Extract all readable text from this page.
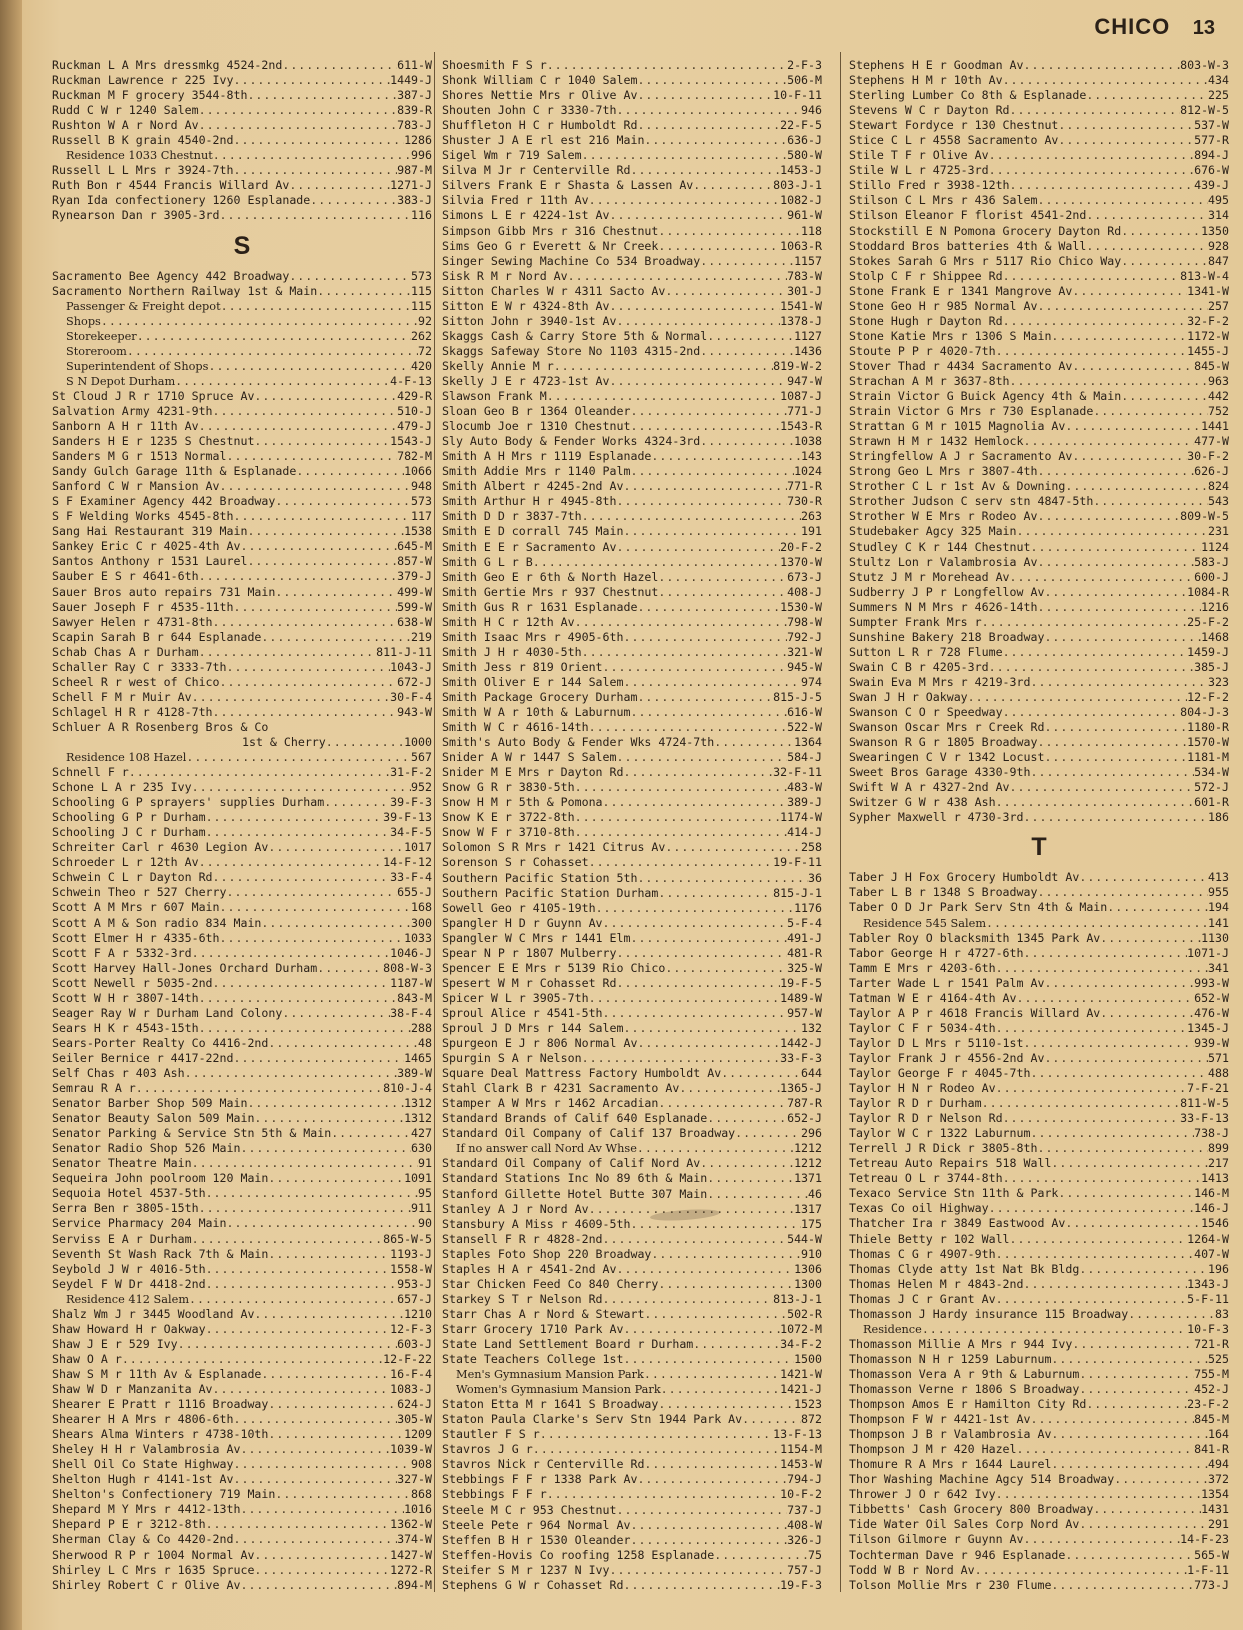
CHICO 13
Ruckman L A Mrs dressmkg 4524-2nd .....	611-W
Ruckman Lawrence r 225 Ivy .....	1449-J
Ruckman M F grocery 3544-8th .....	387-J
Rudd C W r 1240 Salem .....	839-R
Rushton W A r Nord Av .....	783-J
Russell B K grain 4540-2nd .....	1286
Residence 1033 Chestnut .....	996
Russell L L Mrs r 3924-7th .....	987-M
Ruth Bon r 4544 Francis Willard Av .....	1271-J
Ryan Ida confectionery 1260 Esplanade .....	383-J
Rynearson Dan r 3905-3rd .....	116
S
Sacramento Bee Agency 442 Broadway .....	573
Sacramento Northern Railway 1st & Main .....	115
Passenger & Freight depot .....	115
Shops .....	92
Storekeeper .....	262
Storeroom .....	72
Superintendent of Shops .....	420
S N Depot Durham .....	4-F-13
St Cloud J R r 1710 Spruce Av .....	429-R
Salvation Army 4231-9th .....	510-J
Sanborn A H r 11th Av .....	479-J
Sanders H E r 1235 S Chestnut .....	1543-J
Sanders M G r 1513 Normal .....	782-M
Sandy Gulch Garage 11th & Esplanade .....	1066
Sanford C W r Mansion Av .....	948
S F Examiner Agency 442 Broadway .....	573
S F Welding Works 4545-8th .....	117
Sang Hai Restaurant 319 Main .....	1538
Sankey Eric C r 4025-4th Av .....	645-M
Santos Anthony r 1531 Laurel .....	857-W
Sauber E S r 4641-6th .....	379-J
Sauer Bros auto repairs 731 Main .....	499-W
Sauer Joseph F r 4535-11th .....	599-W
Sawyer Helen r 4731-8th .....	638-W
Scapin Sarah B r 644 Esplanade .....	219
Schab Chas A r Durham .....	811-J-11
Schaller Ray C r 3333-7th .....	1043-J
Scheel R r west of Chico .....	672-J
Schell F M r Muir Av .....	30-F-4
Schlagel H R r 4128-7th .....	943-W
Schluer A R Rosenberg Bros & Co
1st & Cherry .....	1000
Residence 108 Hazel .....	567
Schnell F r .....	31-F-2
Schone L A r 235 Ivy .....	952
Schooling G P sprayers' supplies Durham .....	39-F-3
Schooling G P r Durham .....	39-F-13
Schooling J C r Durham .....	34-F-5
Schreiter Carl r 4630 Legion Av .....	1017
Schroeder L r 12th Av .....	14-F-12
Schwein C L r Dayton Rd .....	33-F-4
Schwein Theo r 527 Cherry .....	655-J
Scott A M Mrs r 607 Main .....	168
Scott A M & Son radio 834 Main .....	300
Scott Elmer H r 4335-6th .....	1033
Scott F A r 5332-3rd .....	1046-J
Scott Harvey Hall-Jones Orchard Durham .....	808-W-3
Scott Newell r 5035-2nd .....	1187-W
Scott W H r 3807-14th .....	843-M
Seager Ray W r Durham Land Colony .....	38-F-4
Sears H K r 4543-15th .....	288
Sears-Porter Realty Co 4416-2nd .....	48
Seiler Bernice r 4417-22nd .....	1465
Self Chas r 403 Ash .....	389-W
Semrau R A r .....	810-J-4
Senator Barber Shop 509 Main .....	1312
Senator Beauty Salon 509 Main .....	1312
Senator Parking & Service Stn 5th & Main .....	427
Senator Radio Shop 526 Main .....	630
Senator Theatre Main .....	91
Sequeira John poolroom 120 Main .....	1091
Sequoia Hotel 4537-5th .....	95
Serra Ben r 3805-15th .....	911
Service Pharmacy 204 Main .....	90
Serviss E A r Durham .....	865-W-5
Seventh St Wash Rack 7th & Main .....	1193-J
Seybold J W r 4016-5th .....	1558-W
Seydel F W Dr 4418-2nd .....	953-J
Residence 412 Salem .....	657-J
Shalz Wm J r 3445 Woodland Av .....	1210
Shaw Howard H r Oakway .....	12-F-3
Shaw J E r 529 Ivy .....	603-J
Shaw O A r .....	12-F-22
Shaw S M r 11th Av & Esplanade .....	16-F-4
Shaw W D r Manzanita Av .....	1083-J
Shearer E Pratt r 1116 Broadway .....	624-J
Shearer H A Mrs r 4806-6th .....	305-W
Shears Alma Winters r 4738-10th .....	1209
Sheley H H r Valambrosia Av .....	1039-W
Shell Oil Co State Highway .....	908
Shelton Hugh r 4141-1st Av .....	327-W
Shelton's Confectionery 719 Main .....	868
Shepard M Y Mrs r 4412-13th .....	1016
Shepard P E r 3212-8th .....	1362-W
Sherman Clay & Co 4420-2nd .....	374-W
Sherwood R P r 1004 Normal Av .....	1427-W
Shirley L C Mrs r 1635 Spruce .....	1272-R
Shirley Robert C r Olive Av .....	894-M
Shoesmith F S r .....	2-F-3
Shonk William C r 1040 Salem .....	506-M
Shores Nettie Mrs r Olive Av .....	10-F-11
Shouten John C r 3330-7th .....	946
Shuffleton H C r Humboldt Rd .....	22-F-5
Shuster J A E rl est 216 Main .....	636-J
Sigel Wm r 719 Salem .....	580-W
Silva M Jr r Centerville Rd .....	1453-J
Silvers Frank E r Shasta & Lassen Av .....	803-J-1
Silvia Fred r 11th Av .....	1082-J
Simons L E r 4224-1st Av .....	961-W
Simpson Gibb Mrs r 316 Chestnut .....	118
Sims Geo G r Everett & Nr Creek .....	1063-R
Singer Sewing Machine Co 534 Broadway .....	1157
Sisk R M r Nord Av .....	783-W
Sitton Charles W r 4311 Sacto Av .....	301-J
Sitton E W r 4324-8th Av .....	1541-W
Sitton John r 3940-1st Av .....	1378-J
Skaggs Cash & Carry Store 5th & Normal .....	1127
Skaggs Safeway Store No 1103 4315-2nd .....	1436
Skelly Annie M r .....	819-W-2
Skelly J E r 4723-1st Av .....	947-W
Slawson Frank M .....	1087-J
Sloan Geo B r 1364 Oleander .....	771-J
Slocumb Joe r 1310 Chestnut .....	1543-R
Sly Auto Body & Fender Works 4324-3rd .....	1038
Smith A H Mrs r 1119 Esplanade .....	143
Smith Addie Mrs r 1140 Palm .....	1024
Smith Albert r 4245-2nd Av .....	771-R
Smith Arthur H r 4945-8th .....	730-R
Smith D D r 3837-7th .....	263
Smith E D corrall 745 Main .....	191
Smith E E r Sacramento Av .....	20-F-2
Smith G L r B .....	1370-W
Smith Geo E r 6th & North Hazel .....	673-J
Smith Gertie Mrs r 937 Chestnut .....	408-J
Smith Gus R r 1631 Esplanade .....	1530-W
Smith H C r 12th Av .....	798-W
Smith Isaac Mrs r 4905-6th .....	792-J
Smith J H r 4030-5th .....	321-W
Smith Jess r 819 Orient .....	945-W
Smith Oliver E r 144 Salem .....	974
Smith Package Grocery Durham .....	815-J-5
Smith W A r 10th & Laburnum .....	616-W
Smith W C r 4616-14th .....	522-W
Smith's Auto Body & Fender Wks 4724-7th .....	1364
Snider A W r 1447 S Salem .....	584-J
Snider M E Mrs r Dayton Rd .....	32-F-11
Snow G R r 3830-5th .....	483-W
Snow H M r 5th & Pomona .....	389-J
Snow K E r 3722-8th .....	1174-W
Snow W F r 3710-8th .....	414-J
Solomon S R Mrs r 1421 Citrus Av .....	258
Sorenson S r Cohasset .....	19-F-11
Southern Pacific Station 5th .....	36
Southern Pacific Station Durham .....	815-J-1
Sowell Geo r 4105-19th .....	1176
Spangler H D r Guynn Av .....	5-F-4
Spangler W C Mrs r 1441 Elm .....	491-J
Spear N P r 1807 Mulberry .....	481-R
Spencer E E Mrs r 5139 Rio Chico .....	325-W
Spesert W M r Cohasset Rd .....	19-F-5
Spicer W L r 3905-7th .....	1489-W
Sproul Alice r 4541-5th .....	957-W
Sproul J D Mrs r 144 Salem .....	132
Spurgeon E J r 806 Normal Av .....	1442-J
Spurgin S A r Nelson .....	33-F-3
Square Deal Mattress Factory Humboldt Av .....	644
Stahl Clark B r 4231 Sacramento Av .....	1365-J
Stamper A W Mrs r 1462 Arcadian .....	787-R
Standard Brands of Calif 640 Esplanade .....	652-J
Standard Oil Company of Calif 137 Broadway .....	296
If no answer call Nord Av Whse .....	1212
Standard Oil Company of Calif Nord Av .....	1212
Standard Stations Inc No 89 6th & Main .....	1371
Stanford Gillette Hotel Butte 307 Main .....	46
Stanley A J r Nord Av .....	1317
Stansbury A Miss r 4609-5th .....	175
Stansell F R r 4828-2nd .....	544-W
Staples Foto Shop 220 Broadway .....	910
Staples H A r 4541-2nd Av .....	1306
Star Chicken Feed Co 840 Cherry .....	1300
Starkey S T r Nelson Rd .....	813-J-1
Starr Chas A r Nord & Stewart .....	502-R
Starr Grocery 1710 Park Av .....	1072-M
State Land Settlement Board r Durham .....	34-F-2
State Teachers College 1st .....	1500
Men's Gymnasium Mansion Park .....	1421-W
Women's Gymnasium Mansion Park .....	1421-J
Staton Etta M r 1641 S Broadway .....	1523
Staton Paula Clarke's Serv Stn 1944 Park Av .....	872
Stautler F S r .....	13-F-13
Stavros J G r .....	1154-M
Stavros Nick r Centerville Rd .....	1453-W
Stebbings F F r 1338 Park Av .....	794-J
Stebbings F F r .....	10-F-2
Steele M C r 953 Chestnut .....	737-J
Steele Pete r 964 Normal Av .....	408-W
Steffen B H r 1530 Oleander .....	326-J
Steffen-Hovis Co roofing 1258 Esplanade .....	75
Steifer S M r 1237 N Ivy .....	757-J
Stephens G W r Cohasset Rd .....	19-F-3
Stephens H E r Goodman Av .....	803-W-3
Stephens H M r 10th Av .....	434
Sterling Lumber Co 8th & Esplanade .....	225
Stevens W C r Dayton Rd .....	812-W-5
Stewart Fordyce r 130 Chestnut .....	537-W
Stice C L r 4558 Sacramento Av .....	577-R
Stile T F r Olive Av .....	894-J
Stile W L r 4725-3rd .....	676-W
Stillo Fred r 3938-12th .....	439-J
Stilson C L Mrs r 436 Salem .....	495
Stilson Eleanor F florist 4541-2nd .....	314
Stockstill E N Pomona Grocery Dayton Rd .....	1350
Stoddard Bros batteries 4th & Wall .....	928
Stokes Sarah G Mrs r 5117 Rio Chico Way .....	847
Stolp C F r Shippee Rd .....	813-W-4
Stone Frank E r 1341 Mangrove Av .....	1341-W
Stone Geo H r 985 Normal Av .....	257
Stone Hugh r Dayton Rd .....	32-F-2
Stone Katie Mrs r 1306 S Main .....	1172-W
Stoute P P r 4020-7th .....	1455-J
Stover Thad r 4434 Sacramento Av .....	845-W
Strachan A M r 3637-8th .....	963
Strain Victor G Buick Agency 4th & Main .....	442
Strain Victor G Mrs r 730 Esplanade .....	752
Strattan G M r 1015 Magnolia Av .....	1441
Strawn H M r 1432 Hemlock .....	477-W
Stringfellow A J r Sacramento Av .....	30-F-2
Strong Geo L Mrs r 3807-4th .....	626-J
Strother C L r 1st Av & Downing .....	824
Strother Judson C serv stn 4847-5th .....	543
Strother W E Mrs r Rodeo Av .....	809-W-5
Studebaker Agcy 325 Main .....	231
Studley C K r 144 Chestnut .....	1124
Stultz Lon r Valambrosia Av .....	583-J
Stutz J M r Morehead Av .....	600-J
Sudberry J P r Longfellow Av .....	1084-R
Summers N M Mrs r 4626-14th .....	1216
Sumpter Frank Mrs r .....	25-F-2
Sunshine Bakery 218 Broadway .....	1468
Sutton L R r 728 Flume .....	1459-J
Swain C B r 4205-3rd .....	385-J
Swain Eva M Mrs r 4219-3rd .....	323
Swan J H r Oakway .....	12-F-2
Swanson C O r Speedway .....	804-J-3
Swanson Oscar Mrs r Creek Rd .....	1180-R
Swanson R G r 1805 Broadway .....	1570-W
Swearingen C V r 1342 Locust .....	1181-M
Sweet Bros Garage 4330-9th .....	534-W
Swift W A r 4327-2nd Av .....	572-J
Switzer G W r 438 Ash .....	601-R
Sypher Maxwell r 4730-3rd .....	186
T
Taber J H Fox Grocery Humboldt Av .....	413
Taber L B r 1348 S Broadway .....	955
Taber O D Jr Park Serv Stn 4th & Main .....	194
Residence 545 Salem .....	141
Tabler Roy O blacksmith 1345 Park Av .....	1130
Tabor George H r 4727-6th .....	1071-J
Tamm E Mrs r 4203-6th .....	341
Tarter Wade L r 1541 Palm Av .....	993-W
Tatman W E r 4164-4th Av .....	652-W
Taylor A P r 4618 Francis Willard Av .....	476-W
Taylor C F r 5034-4th .....	1345-J
Taylor D L Mrs r 5110-1st .....	939-W
Taylor Frank J r 4556-2nd Av .....	571
Taylor George F r 4045-7th .....	488
Taylor H N r Rodeo Av .....	7-F-21
Taylor R D r Durham .....	811-W-5
Taylor R D r Nelson Rd .....	33-F-13
Taylor W C r 1322 Laburnum .....	738-J
Terrell J R Dick r 3805-8th .....	899
Tetreau Auto Repairs 518 Wall .....	217
Tetreau O L r 3744-8th .....	1413
Texaco Service Stn 11th & Park .....	146-M
Texas Co oil Highway .....	146-J
Thatcher Ira r 3849 Eastwood Av .....	1546
Thiele Betty r 102 Wall .....	1264-W
Thomas C G r 4907-9th .....	407-W
Thomas Clyde atty 1st Nat Bk Bldg .....	196
Thomas Helen M r 4843-2nd .....	1343-J
Thomas J C r Grant Av .....	5-F-11
Thomasson J Hardy insurance 115 Broadway .....	83
Residence .....	10-F-3
Thomasson Millie A Mrs r 944 Ivy .....	721-R
Thomasson N H r 1259 Laburnum .....	525
Thomasson Vera A r 9th & Laburnum .....	755-M
Thomasson Verne r 1806 S Broadway .....	452-J
Thompson Amos E r Hamilton City Rd .....	23-F-2
Thompson F W r 4421-1st Av .....	845-M
Thompson J B r Valambrosia Av .....	164
Thompson J M r 420 Hazel .....	841-R
Thomure R A Mrs r 1644 Laurel .....	494
Thor Washing Machine Agcy 514 Broadway .....	372
Thrower J O r 642 Ivy .....	1354
Tibbetts' Cash Grocery 800 Broadway .....	1431
Tide Water Oil Sales Corp Nord Av .....	291
Tilson Gilmore r Guynn Av .....	14-F-23
Tochterman Dave r 946 Esplanade .....	565-W
Todd W B r Nord Av .....	1-F-11
Tolson Mollie Mrs r 230 Flume .....	773-J
